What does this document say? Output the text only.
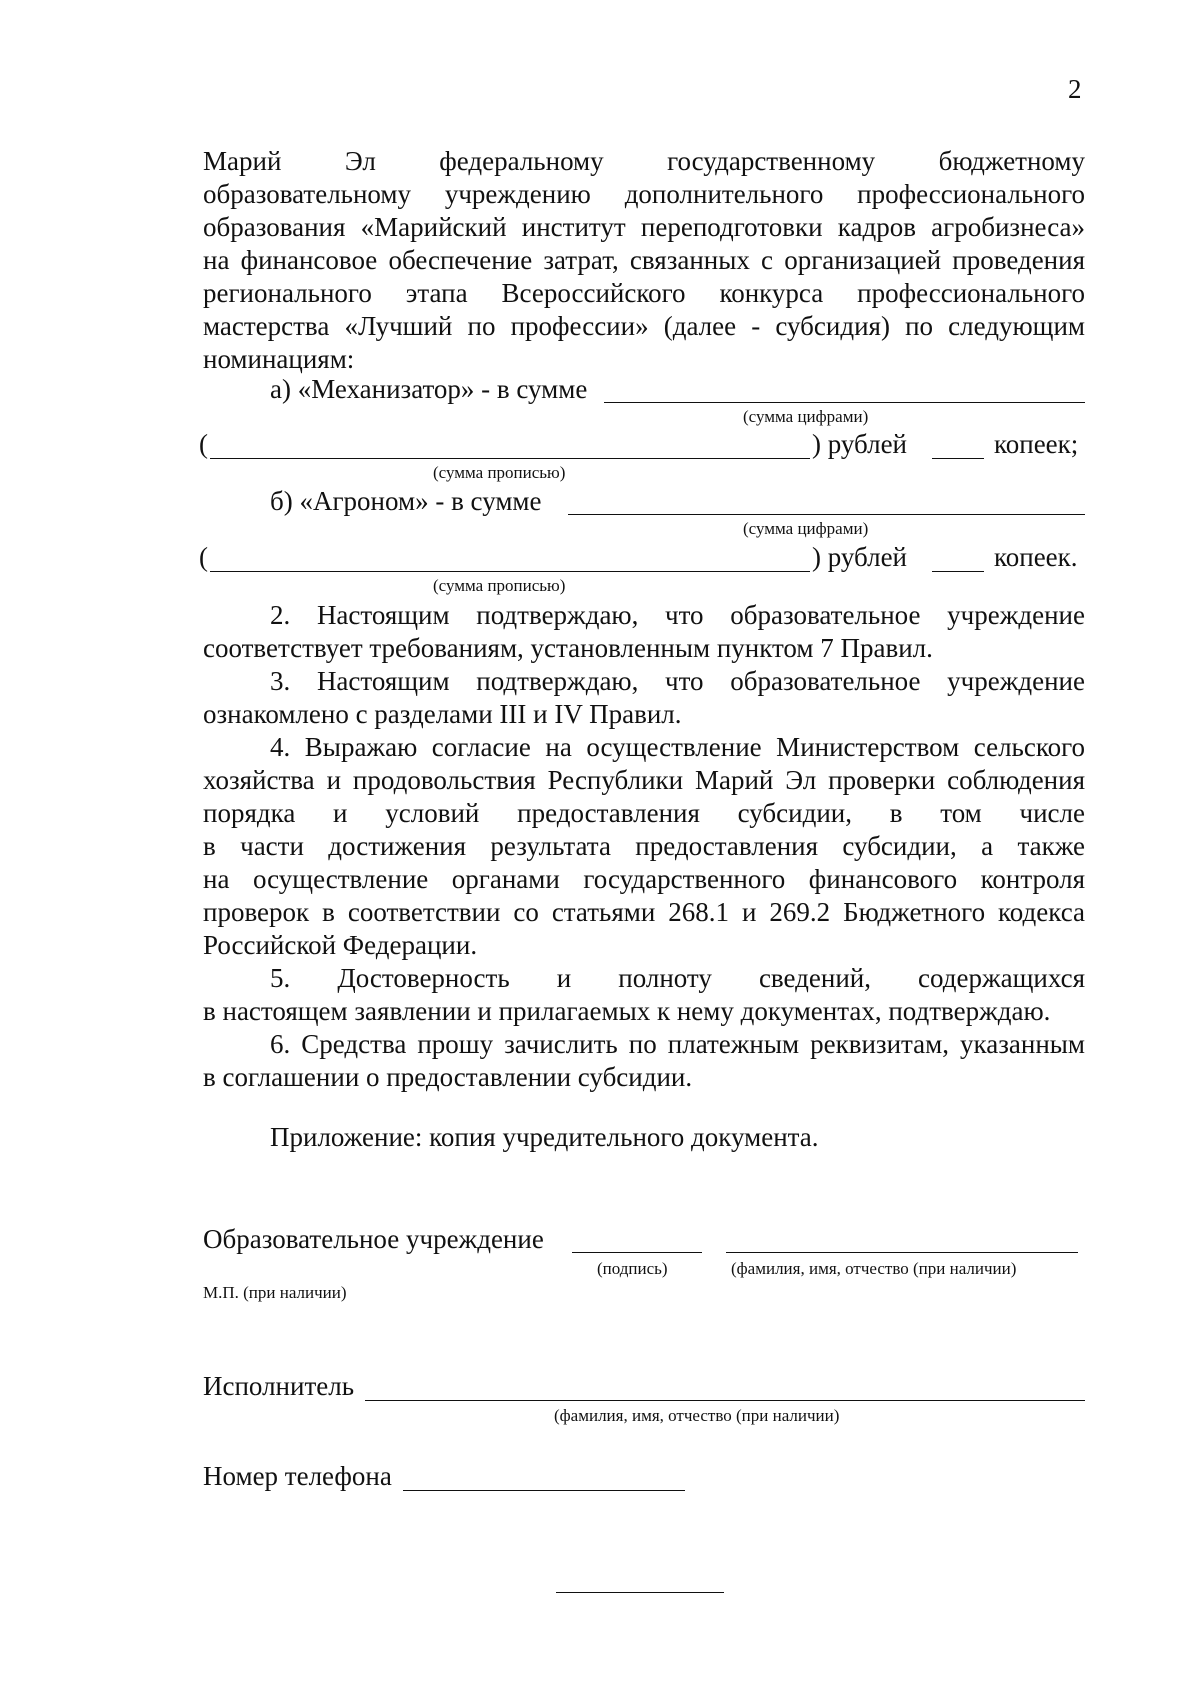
2
Марий Эл федеральному государственному бюджетному
образовательному учреждению дополнительного профессионального
образования «Марийский институт переподготовки кадров агробизнеса»
на финансовое обеспечение затрат, связанных с организацией проведения
регионального этапа Всероссийского конкурса профессионального
мастерства «Лучший по профессии» (далее - субсидия) по следующим
номинациям:
а) «Механизатор» - в сумме
(сумма цифрами)
(	) рублей	копеек;
(сумма прописью)
б) «Агроном» - в сумме
(сумма цифрами)
(	) рублей	копеек.
(сумма прописью)
2. Настоящим подтверждаю, что образовательное учреждение
соответствует требованиям, установленным пунктом 7 Правил.
3. Настоящим подтверждаю, что образовательное учреждение
ознакомлено с разделами III и IV Правил.
4. Выражаю согласие на осуществление Министерством сельского
хозяйства и продовольствия Республики Марий Эл проверки соблюдения
порядка и условий предоставления субсидии, в том числе
в части достижения результата предоставления субсидии, а также
на осуществление органами государственного финансового контроля
проверок в соответствии со статьями 268.1 и 269.2 Бюджетного кодекса
Российской Федерации.
5. Достоверность и полноту сведений, содержащихся
в настоящем заявлении и прилагаемых к нему документах, подтверждаю.
6. Средства прошу зачислить по платежным реквизитам, указанным
в соглашении о предоставлении субсидии.
Приложение: копия учредительного документа.
Образовательное учреждение
(подпись)	(фамилия, имя, отчество (при наличии)
М.П. (при наличии)
Исполнитель
(фамилия, имя, отчество (при наличии)
Номер телефона
